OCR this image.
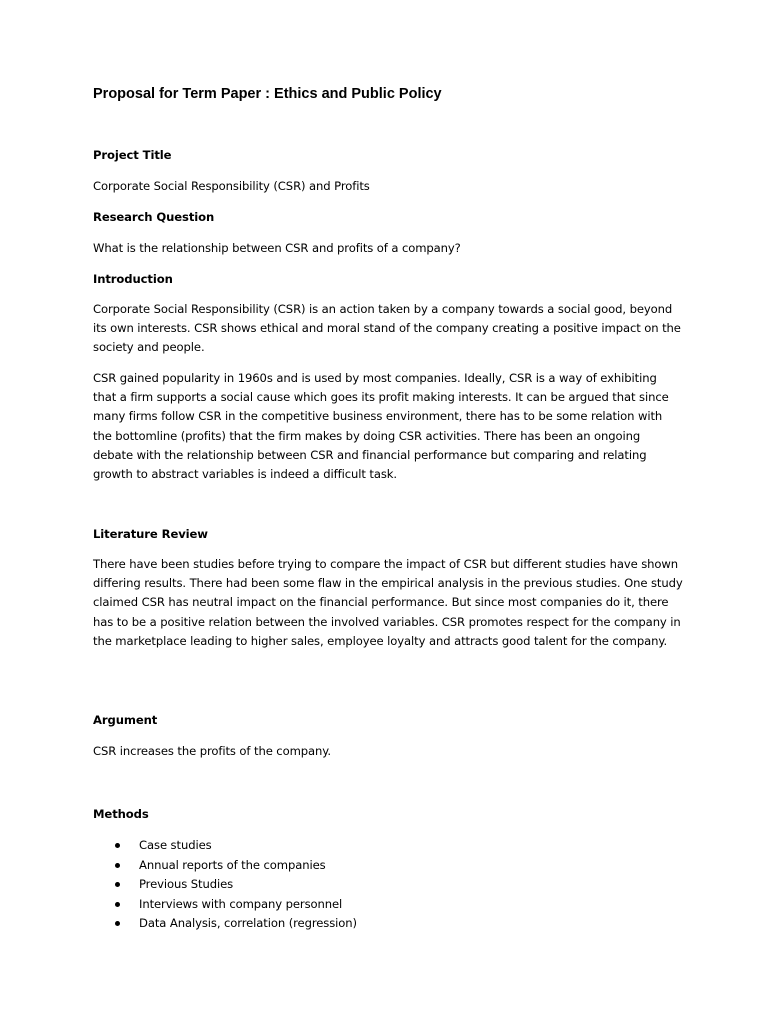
Proposal for Term Paper : Ethics and Public Policy

Project Title

Corporate Social Responsibility (CSR) and Profits

Research Question

What is the relationship between CSR and profits of a company?

Introduction

Corporate Social Responsibility (CSR) is an action taken by a company towards a social good, beyond its own interests. CSR shows ethical and moral stand of the company creating a positive impact on the society and people.

CSR gained popularity in 1960s and is used by most companies. Ideally, CSR is a way of exhibiting that a firm supports a social cause which goes its profit making interests. It can be argued that since many firms follow CSR in the competitive business environment, there has to be some relation with the bottomline (profits) that the firm makes by doing CSR activities. There has been an ongoing debate with the relationship between CSR and financial performance but comparing and relating growth to abstract variables is indeed a difficult task.

Literature Review

There have been studies before trying to compare the impact of CSR but different studies have shown differing results. There had been some flaw in the empirical analysis in the previous studies. One study claimed CSR has neutral impact on the financial performance. But since most companies do it, there has to be a positive relation between the involved variables. CSR promotes respect for the company in the marketplace leading to higher sales, employee loyalty and attracts good talent for the company.

Argument

CSR increases the profits of the company.

Methods

Case studies
Annual reports of the companies
Previous Studies
Interviews with company personnel
Data Analysis, correlation (regression)
